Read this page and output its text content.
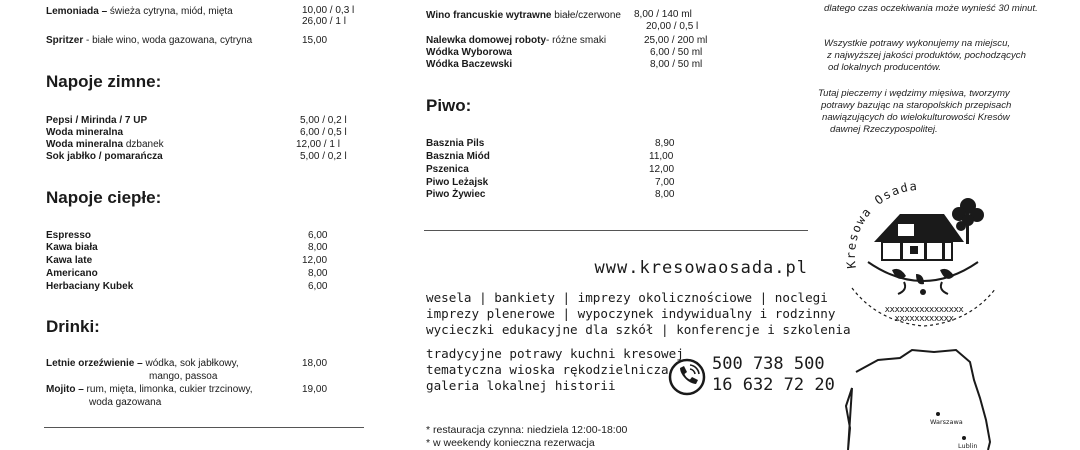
Lemoniada – świeża cytryna, miód, mięta	10,00 / 0,3 l
26,00 / 1 l
Spritzer - białe wino, woda gazowana, cytryna	15,00
Napoje zimne:
Pepsi / Mirinda / 7 UP	5,00 / 0,2 l
Woda mineralna	6,00 / 0,5 l
Woda mineralna dzbanek	12,00 / 1 l
Sok jabłko / pomarańcza	5,00 / 0,2 l
Napoje ciepłe:
Espresso	6,00
Kawa biała	8,00
Kawa late	12,00
Americano	8,00
Herbaciany Kubek	6,00
Drinki:
Letnie orzeźwienie – wódka, sok jabłkowy,
mango, passoa
18,00
Mojito – rum, mięta, limonka, cukier trzcinowy,
woda gazowana
19,00
Wino francuskie wytrawne białe/czerwone 8,00 / 140 ml
20,00 / 0,5 l
Nalewka domowej roboty- różne smaki	25,00 / 200 ml
Wódka Wyborowa	6,00 / 50 ml
Wódka Baczewski	8,00 / 50 ml
Piwo:
Basznia Pils	8,90
Basznia Miód	11,00
Pszenica	12,00
Piwo Leżajsk	7,00
Piwo Żywiec	8,00
www.kresowaosada.pl
wesela | bankiety | imprezy okolicznościowe | noclegi
imprezy plenerowe | wypoczynek indywidualny i rodzinny
wycieczki edukacyjne dla szkół | konferencje i szkolenia
tradycyjne potrawy kuchni kresowej
tematyczna wioska rękodzielnicza
galeria lokalnej historii
500 738 500
16 632 72 20
* restauracja czynna: niedziela 12:00-18:00
* w weekendy konieczna rezerwacja
dlatego czas oczekiwania może wynieść 30 minut.
Wszystkie potrawy wykonujemy na miejscu,
z najwyższej jakości produktów, pochodzących
od lokalnych producentów.
Tutaj pieczemy i wędzimy mięsiwa, tworzymy
potrawy bazując na staropolskich przepisach
nawiązujących do wielokulturowości Kresów
dawnej Rzeczypospolitej.
Kresowa Osada
xxxxxxxxxxxxxxxx
xxxxxxxxxxxx
Warszawa
Lublin
